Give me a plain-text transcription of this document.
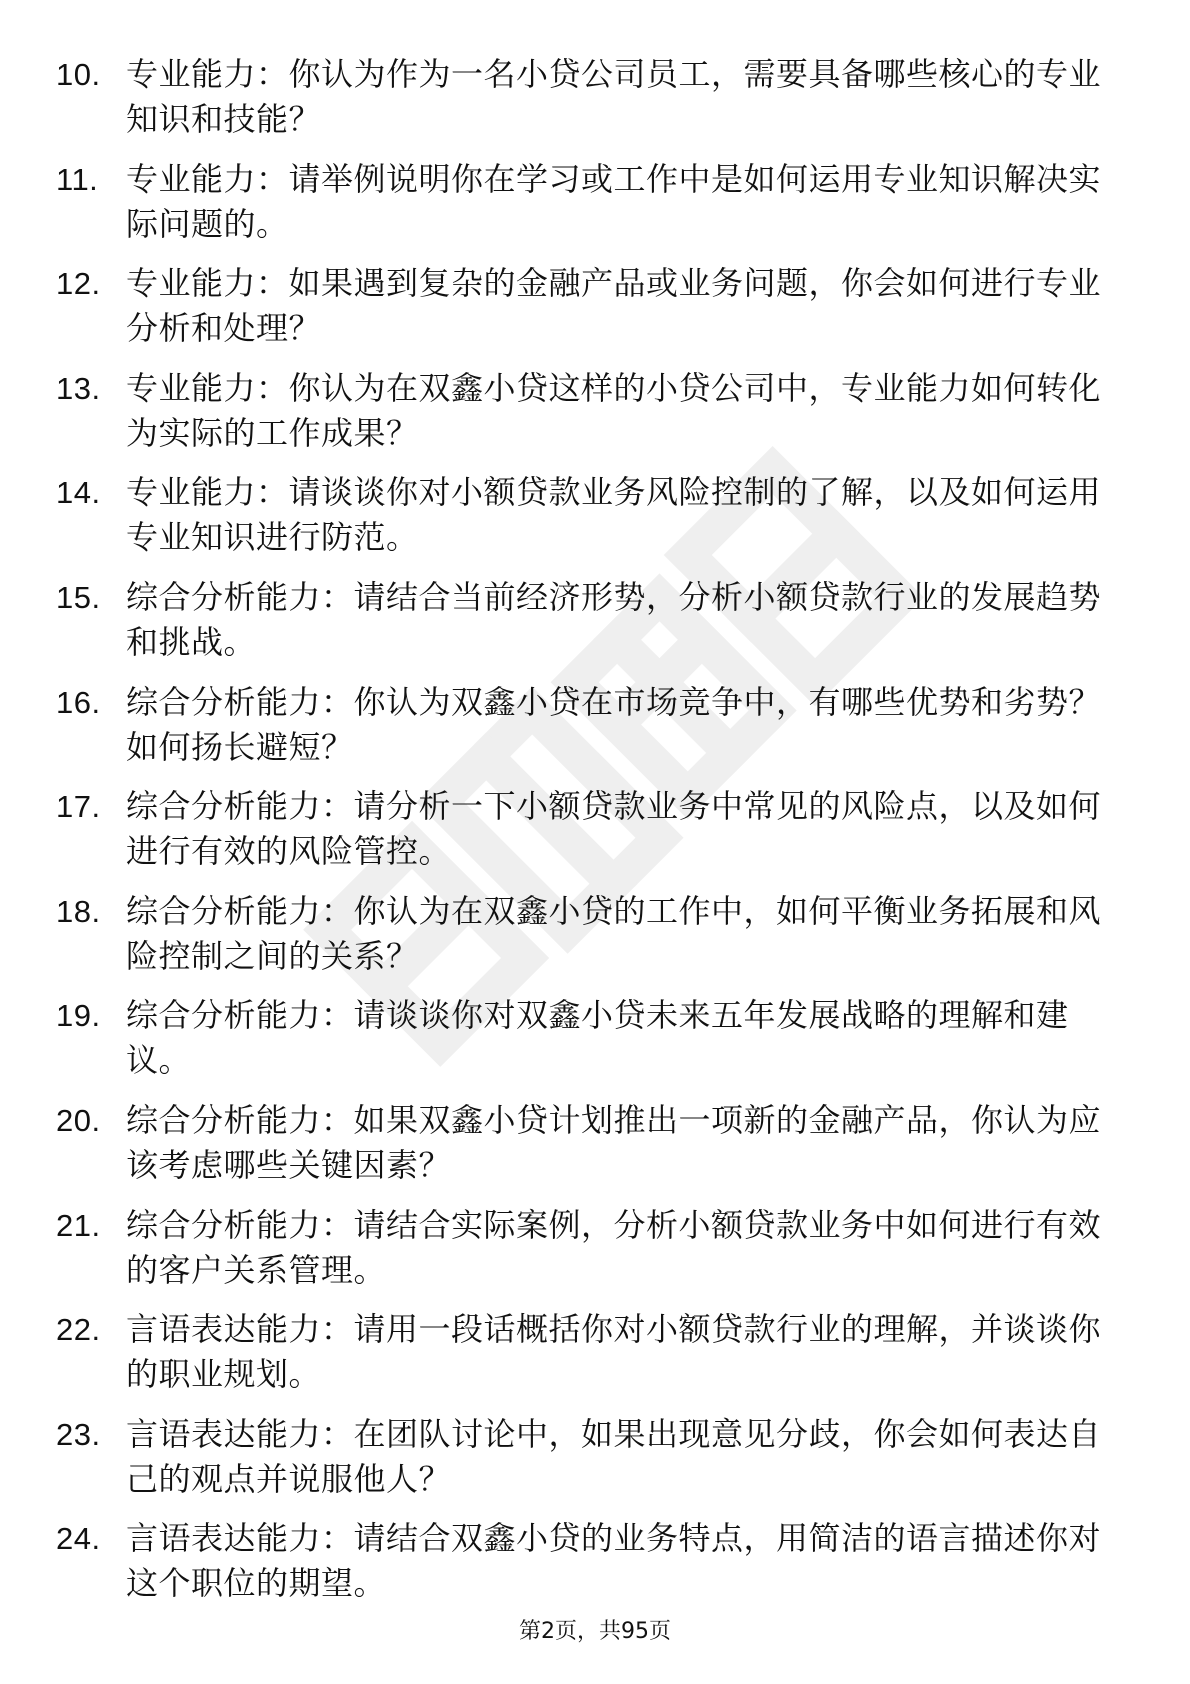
10. 专业能力：你认为作为一名小贷公司员工，需要具备哪些核心的专业知识和技能？
11. 专业能力：请举例说明你在学习或工作中是如何运用专业知识解决实际问题的。
12. 专业能力：如果遇到复杂的金融产品或业务问题，你会如何进行专业分析和处理？
13. 专业能力：你认为在双鑫小贷这样的小贷公司中，专业能力如何转化为实际的工作成果？
14. 专业能力：请谈谈你对小额贷款业务风险控制的了解，以及如何运用专业知识进行防范。
15. 综合分析能力：请结合当前经济形势，分析小额贷款行业的发展趋势和挑战。
16. 综合分析能力：你认为双鑫小贷在市场竞争中，有哪些优势和劣势？如何扬长避短？
17. 综合分析能力：请分析一下小额贷款业务中常见的风险点，以及如何进行有效的风险管控。
18. 综合分析能力：你认为在双鑫小贷的工作中，如何平衡业务拓展和风险控制之间的关系？
19. 综合分析能力：请谈谈你对双鑫小贷未来五年发展战略的理解和建议。
20. 综合分析能力：如果双鑫小贷计划推出一项新的金融产品，你认为应该考虑哪些关键因素？
21. 综合分析能力：请结合实际案例，分析小额贷款业务中如何进行有效的客户关系管理。
22. 言语表达能力：请用一段话概括你对小额贷款行业的理解，并谈谈你的职业规划。
23. 言语表达能力：在团队讨论中，如果出现意见分歧，你会如何表达自己的观点并说服他人？
24. 言语表达能力：请结合双鑫小贷的业务特点，用简洁的语言描述你对这个职位的期望。
第2页，共95页
